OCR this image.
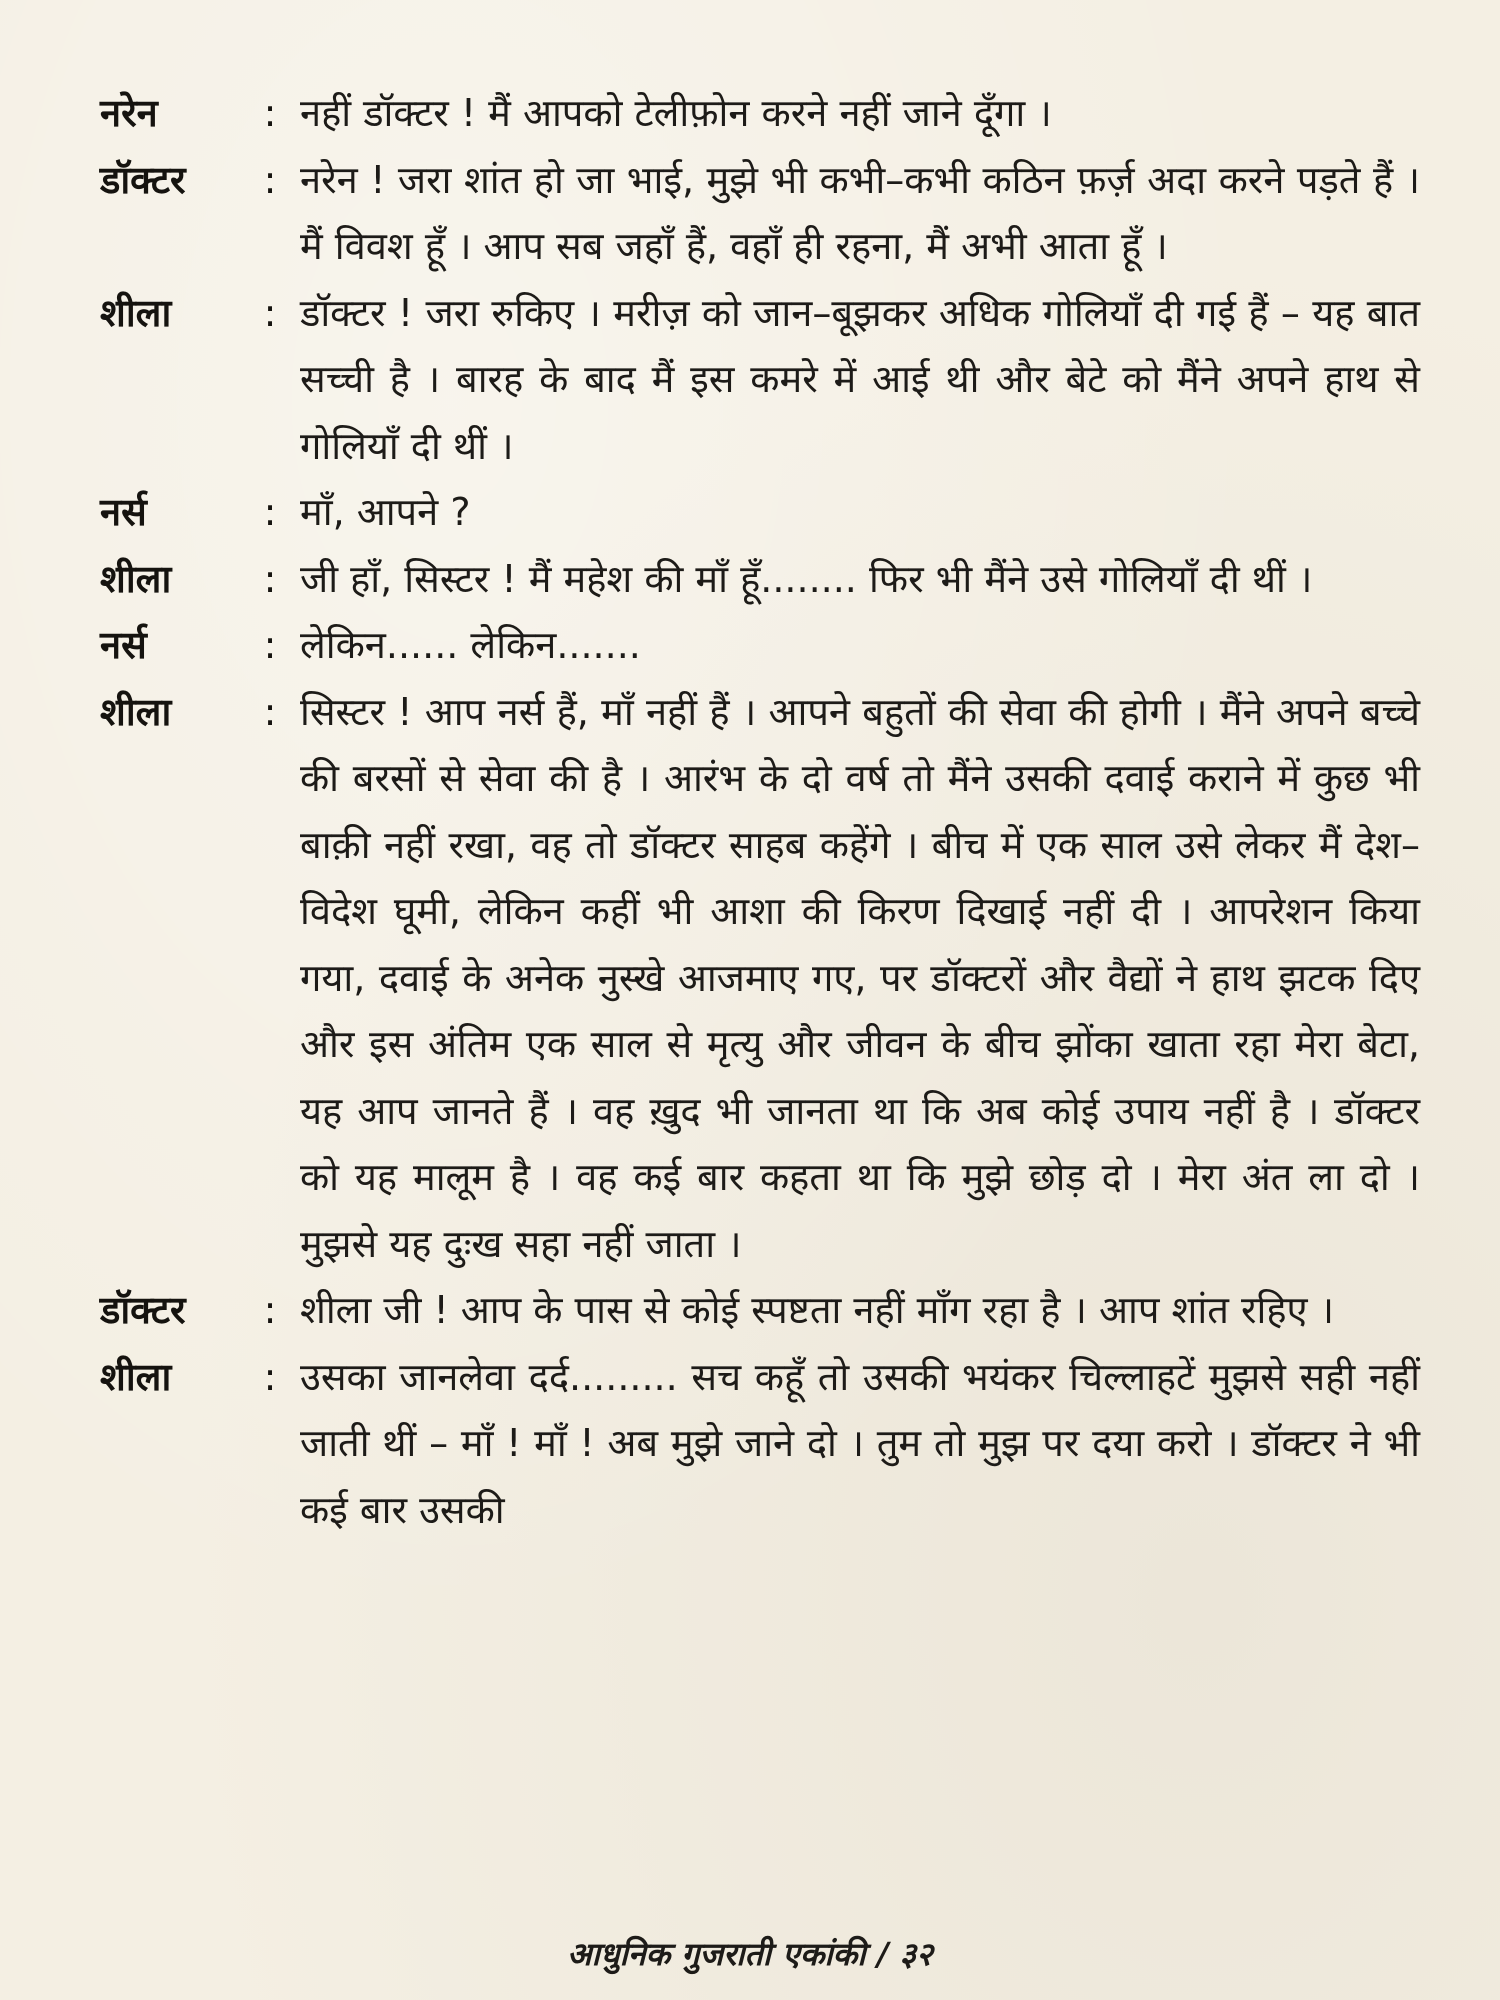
नरेन	: नहीं डॉक्टर ! मैं आपको टेलीफ़ोन करने नहीं जाने दूँगा ।
डॉक्टर	: नरेन ! जरा शांत हो जा भाई, मुझे भी कभी–कभी कठिन फ़र्ज़ अदा करने पड़ते हैं । मैं विवश हूँ । आप सब जहाँ हैं, वहाँ ही रहना, मैं अभी आता हूँ ।
शीला	: डॉक्टर ! जरा रुकिए । मरीज़ को जान–बूझकर अधिक गोलियाँ दी गई हैं – यह बात सच्ची है । बारह के बाद मैं इस कमरे में आई थी और बेटे को मैंने अपने हाथ से गोलियाँ दी थीं ।
नर्स	: माँ, आपने ?
शीला	: जी हाँ, सिस्टर ! मैं महेश की माँ हूँ........ फिर भी मैंने उसे गोलियाँ दी थीं ।
नर्स	: लेकिन...... लेकिन.......
शीला	: सिस्टर ! आप नर्स हैं, माँ नहीं हैं । आपने बहुतों की सेवा की होगी । मैंने अपने बच्चे की बरसों से सेवा की है । आरंभ के दो वर्ष तो मैंने उसकी दवाई कराने में कुछ भी बाक़ी नहीं रखा, वह तो डॉक्टर साहब कहेंगे । बीच में एक साल उसे लेकर मैं देश–विदेश घूमी, लेकिन कहीं भी आशा की किरण दिखाई नहीं दी । आपरेशन किया गया, दवाई के अनेक नुस्खे आजमाए गए, पर डॉक्टरों और वैद्यों ने हाथ झटक दिए और इस अंतिम एक साल से मृत्यु और जीवन के बीच झोंका खाता रहा मेरा बेटा, यह आप जानते हैं । वह ख़ुद भी जानता था कि अब कोई उपाय नहीं है । डॉक्टर को यह मालूम है । वह कई बार कहता था कि मुझे छोड़ दो । मेरा अंत ला दो । मुझसे यह दुःख सहा नहीं जाता ।
डॉक्टर	: शीला जी ! आप के पास से कोई स्पष्टता नहीं माँग रहा है । आप शांत रहिए ।
शीला	: उसका जानलेवा दर्द......... सच कहूँ तो उसकी भयंकर चिल्लाहटें मुझसे सही नहीं जाती थीं – माँ ! माँ ! अब मुझे जाने दो । तुम तो मुझ पर दया करो । डॉक्टर ने भी कई बार उसकी
आधुनिक गुजराती एकांकी / ३२
